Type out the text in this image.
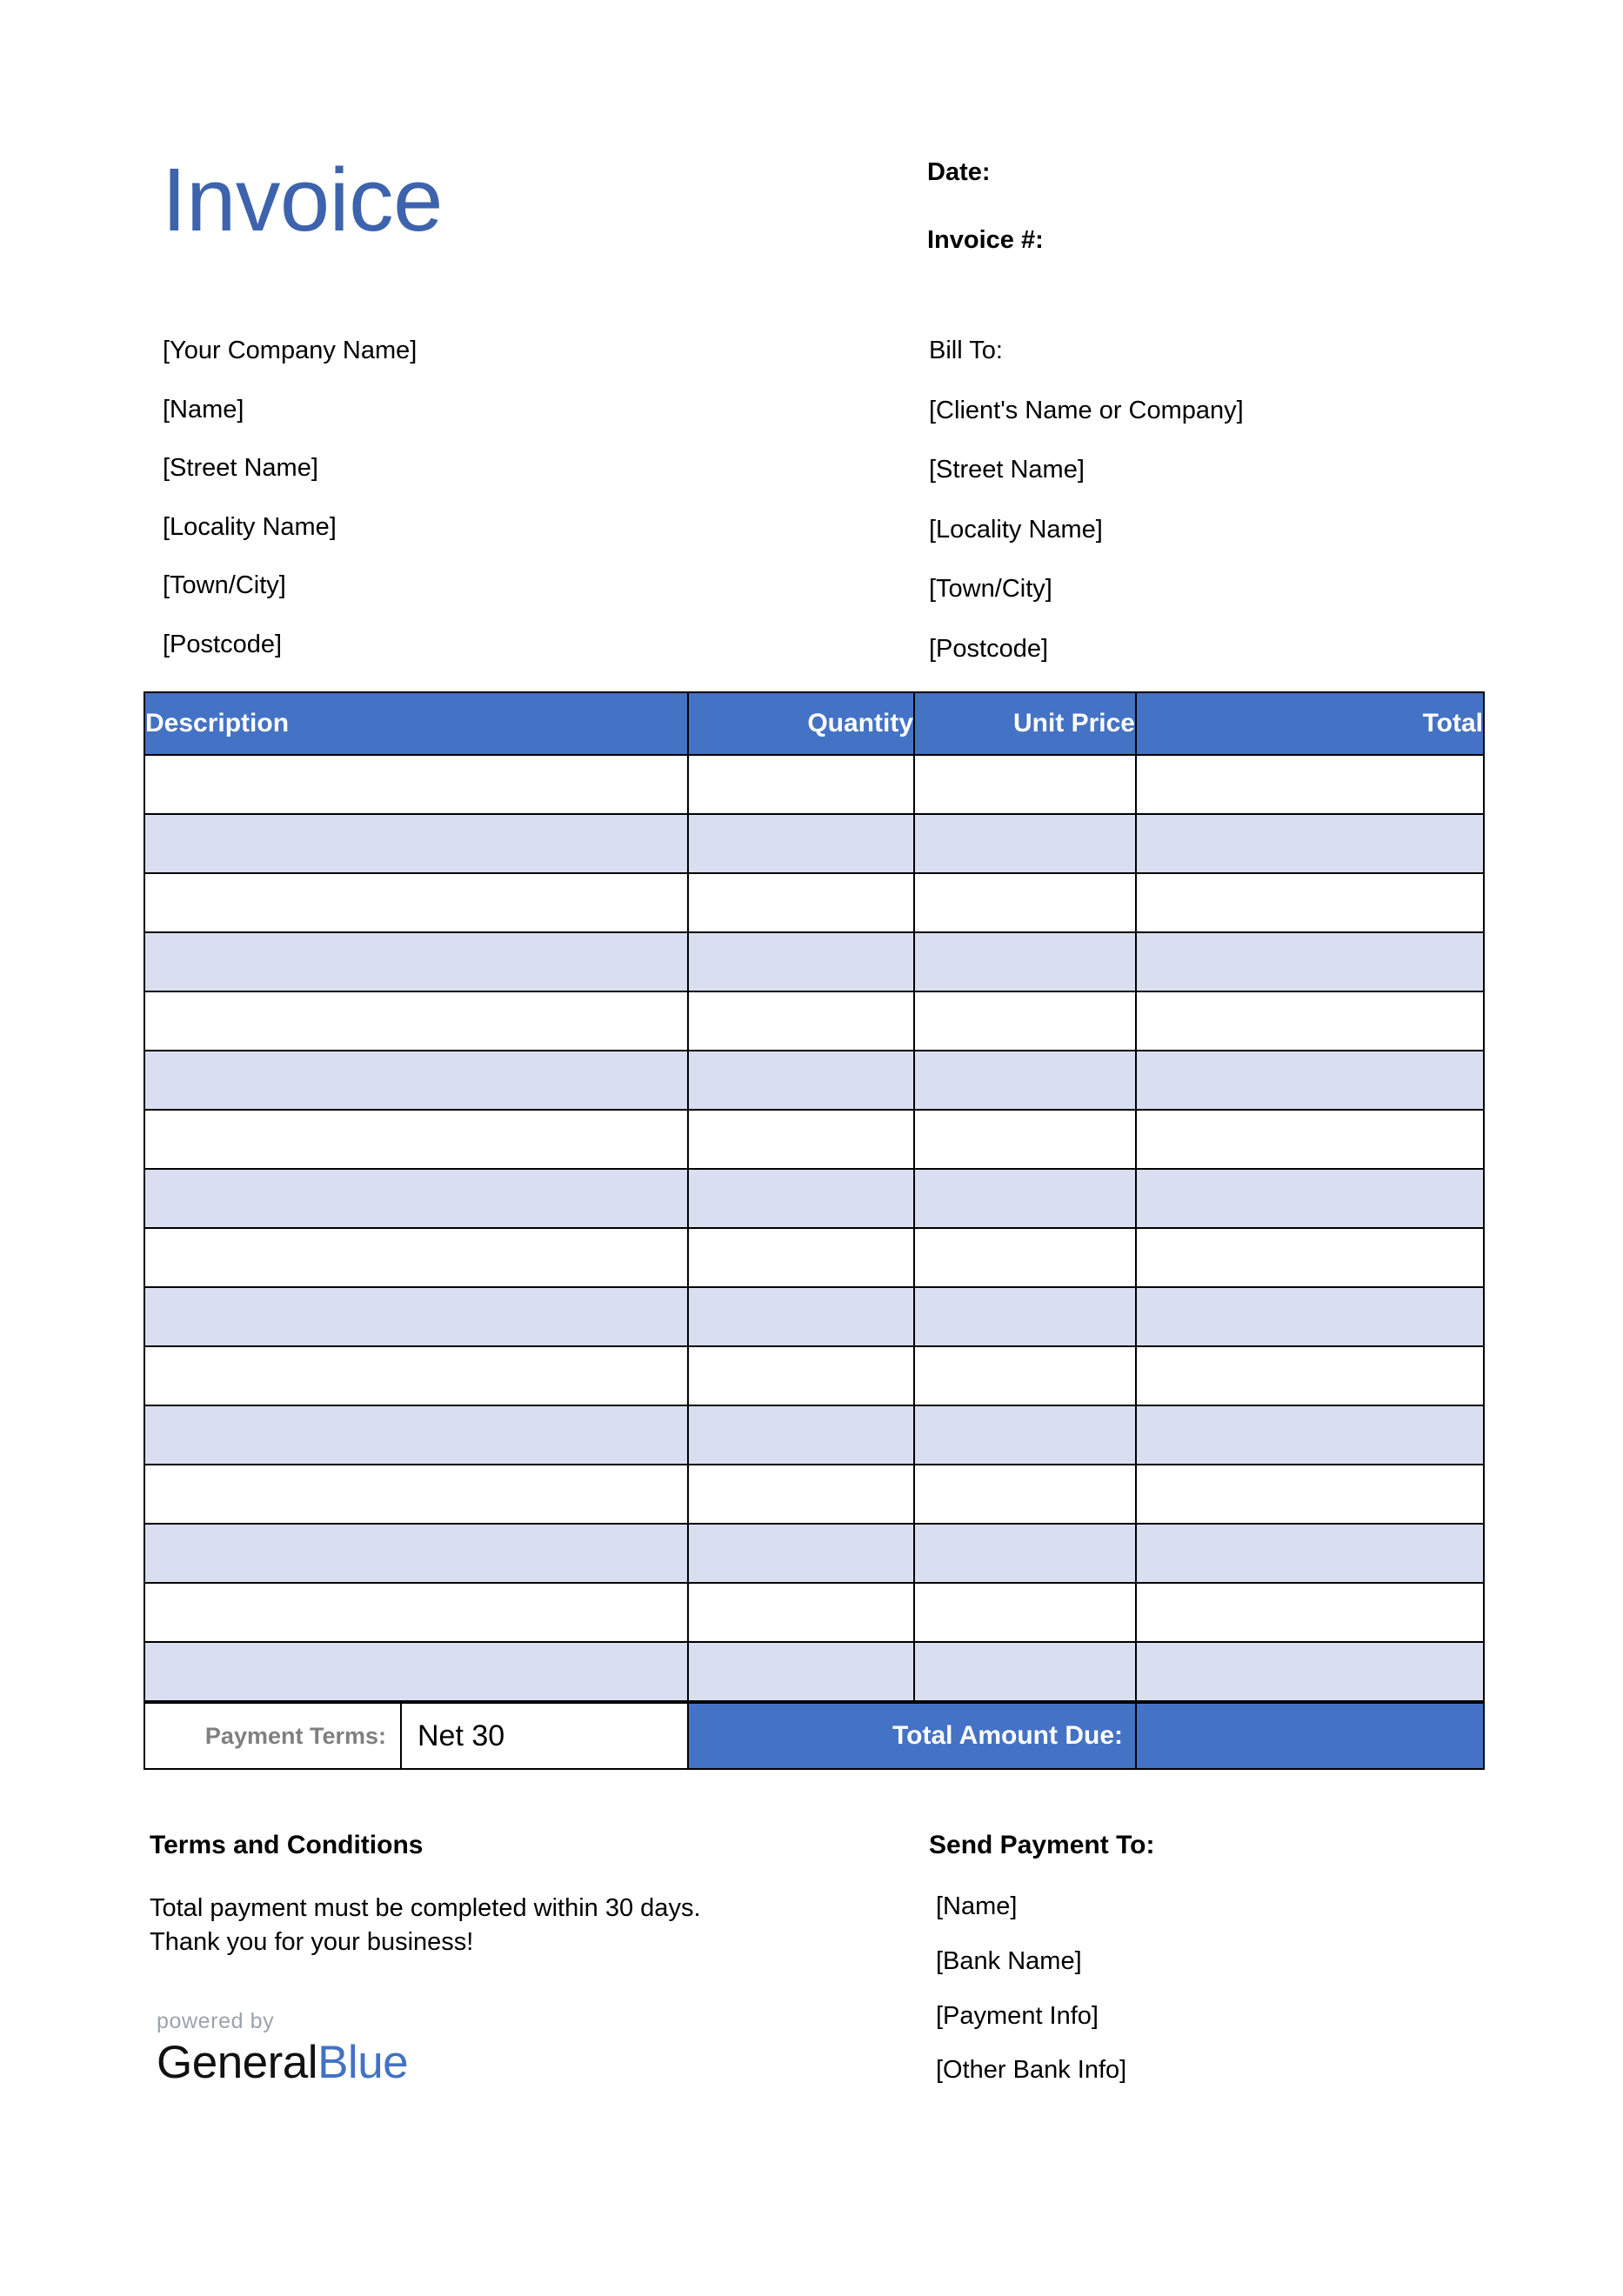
Invoice	Date:
Invoice #:
[Your Company Name]
[Name]
[Street Name]
[Locality Name]
[Town/City]
[Postcode]
Bill To:
[Client's Name or Company]
[Street Name]
[Locality Name]
[Town/City]
[Postcode]
Description	Quantity	Unit Price	Total

Payment Terms:	Net 30	Total Amount Due:	
Terms and Conditions
Total payment must be completed within 30 days.
Thank you for your business!
Send Payment To:
[Name]
[Bank Name]
[Payment Info]
[Other Bank Info]
powered by
GeneralBlue
